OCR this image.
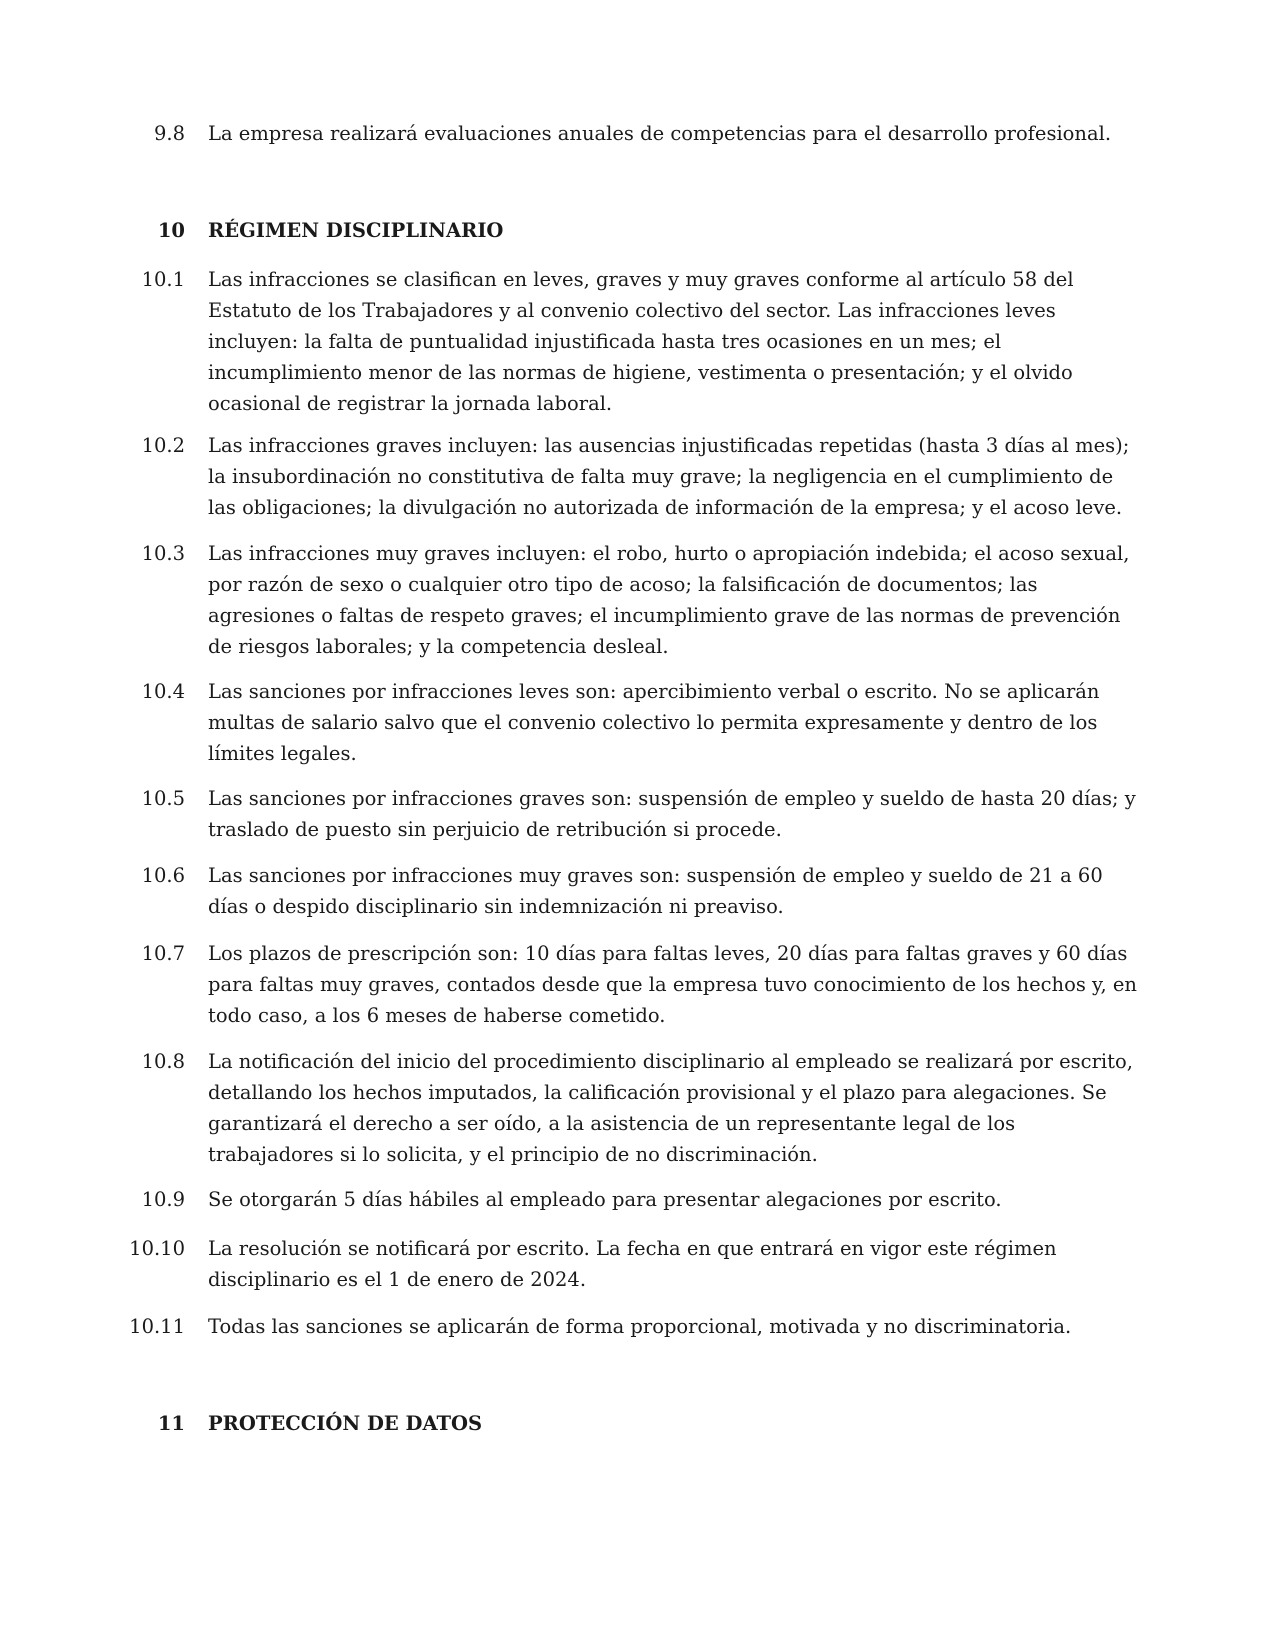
9.8 La empresa realizará evaluaciones anuales de competencias para el desarrollo profesional.
10 RÉGIMEN DISCIPLINARIO
10.1 Las infracciones se clasifican en leves, graves y muy graves conforme al artículo 58 del Estatuto de los Trabajadores y al convenio colectivo del sector. Las infracciones leves incluyen: la falta de puntualidad injustificada hasta tres ocasiones en un mes; el incumplimiento menor de las normas de higiene, vestimenta o presentación; y el olvido ocasional de registrar la jornada laboral.
10.2 Las infracciones graves incluyen: las ausencias injustificadas repetidas (hasta 3 días al mes); la insubordinación no constitutiva de falta muy grave; la negligencia en el cumplimiento de las obligaciones; la divulgación no autorizada de información de la empresa; y el acoso leve.
10.3 Las infracciones muy graves incluyen: el robo, hurto o apropiación indebida; el acoso sexual, por razón de sexo o cualquier otro tipo de acoso; la falsificación de documentos; las agresiones o faltas de respeto graves; el incumplimiento grave de las normas de prevención de riesgos laborales; y la competencia desleal.
10.4 Las sanciones por infracciones leves son: apercibimiento verbal o escrito. No se aplicarán multas de salario salvo que el convenio colectivo lo permita expresamente y dentro de los límites legales.
10.5 Las sanciones por infracciones graves son: suspensión de empleo y sueldo de hasta 20 días; y traslado de puesto sin perjuicio de retribución si procede.
10.6 Las sanciones por infracciones muy graves son: suspensión de empleo y sueldo de 21 a 60 días o despido disciplinario sin indemnización ni preaviso.
10.7 Los plazos de prescripción son: 10 días para faltas leves, 20 días para faltas graves y 60 días para faltas muy graves, contados desde que la empresa tuvo conocimiento de los hechos y, en todo caso, a los 6 meses de haberse cometido.
10.8 La notificación del inicio del procedimiento disciplinario al empleado se realizará por escrito, detallando los hechos imputados, la calificación provisional y el plazo para alegaciones. Se garantizará el derecho a ser oído, a la asistencia de un representante legal de los trabajadores si lo solicita, y el principio de no discriminación.
10.9 Se otorgarán 5 días hábiles al empleado para presentar alegaciones por escrito.
10.10 La resolución se notificará por escrito. La fecha en que entrará en vigor este régimen disciplinario es el 1 de enero de 2024.
10.11 Todas las sanciones se aplicarán de forma proporcional, motivada y no discriminatoria.
11 PROTECCIÓN DE DATOS
